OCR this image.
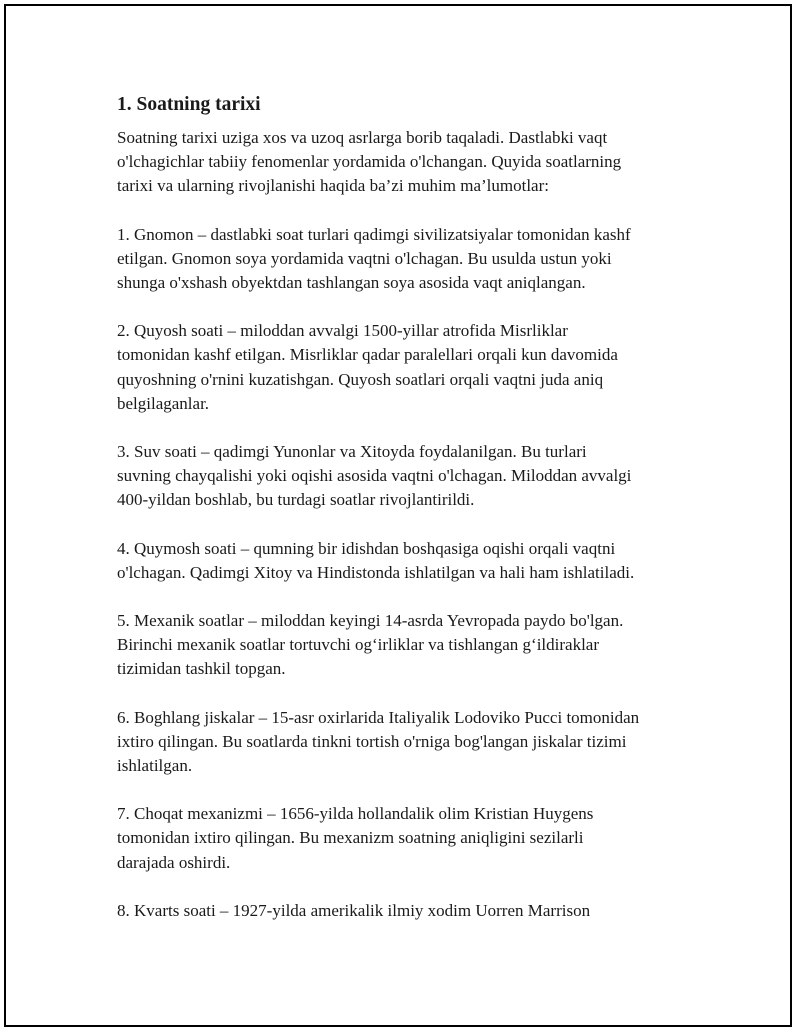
1. Soatning tarixi

Soatning tarixi uziga xos va uzoq asrlarga borib taqaladi. Dastlabki vaqt
o'lchagichlar tabiiy fenomenlar yordamida o'lchangan. Quyida soatlarning
tarixi va ularning rivojlanishi haqida ba’zi muhim ma’lumotlar:

1. Gnomon – dastlabki soat turlari qadimgi sivilizatsiyalar tomonidan kashf
etilgan. Gnomon soya yordamida vaqtni o'lchagan. Bu usulda ustun yoki
shunga o'xshash obyektdan tashlangan soya asosida vaqt aniqlangan.

2. Quyosh soati – miloddan avvalgi 1500-yillar atrofida Misrliklar
tomonidan kashf etilgan. Misrliklar qadar paralellari orqali kun davomida
quyoshning o'rnini kuzatishgan. Quyosh soatlari orqali vaqtni juda aniq
belgilaganlar.

3. Suv soati – qadimgi Yunonlar va Xitoyda foydalanilgan. Bu turlari
suvning chayqalishi yoki oqishi asosida vaqtni o'lchagan. Miloddan avvalgi
400-yildan boshlab, bu turdagi soatlar rivojlantirildi.

4. Quymosh soati – qumning bir idishdan boshqasiga oqishi orqali vaqtni
o'lchagan. Qadimgi Xitoy va Hindistonda ishlatilgan va hali ham ishlatiladi.

5. Mexanik soatlar – miloddan keyingi 14-asrda Yevropada paydo bo'lgan.
Birinchi mexanik soatlar tortuvchi og‘irliklar va tishlangan g‘ildiraklar
tizimidan tashkil topgan.

6. Boghlang jiskalar – 15-asr oxirlarida Italiyalik Lodoviko Pucci tomonidan
ixtiro qilingan. Bu soatlarda tinkni tortish o'rniga bog'langan jiskalar tizimi
ishlatilgan.

7. Choqat mexanizmi – 1656-yilda hollandalik olim Kristian Huygens
tomonidan ixtiro qilingan. Bu mexanizm soatning aniqligini sezilarli
darajada oshirdi.

8. Kvarts soati – 1927-yilda amerikalik ilmiy xodim Uorren Marrison
